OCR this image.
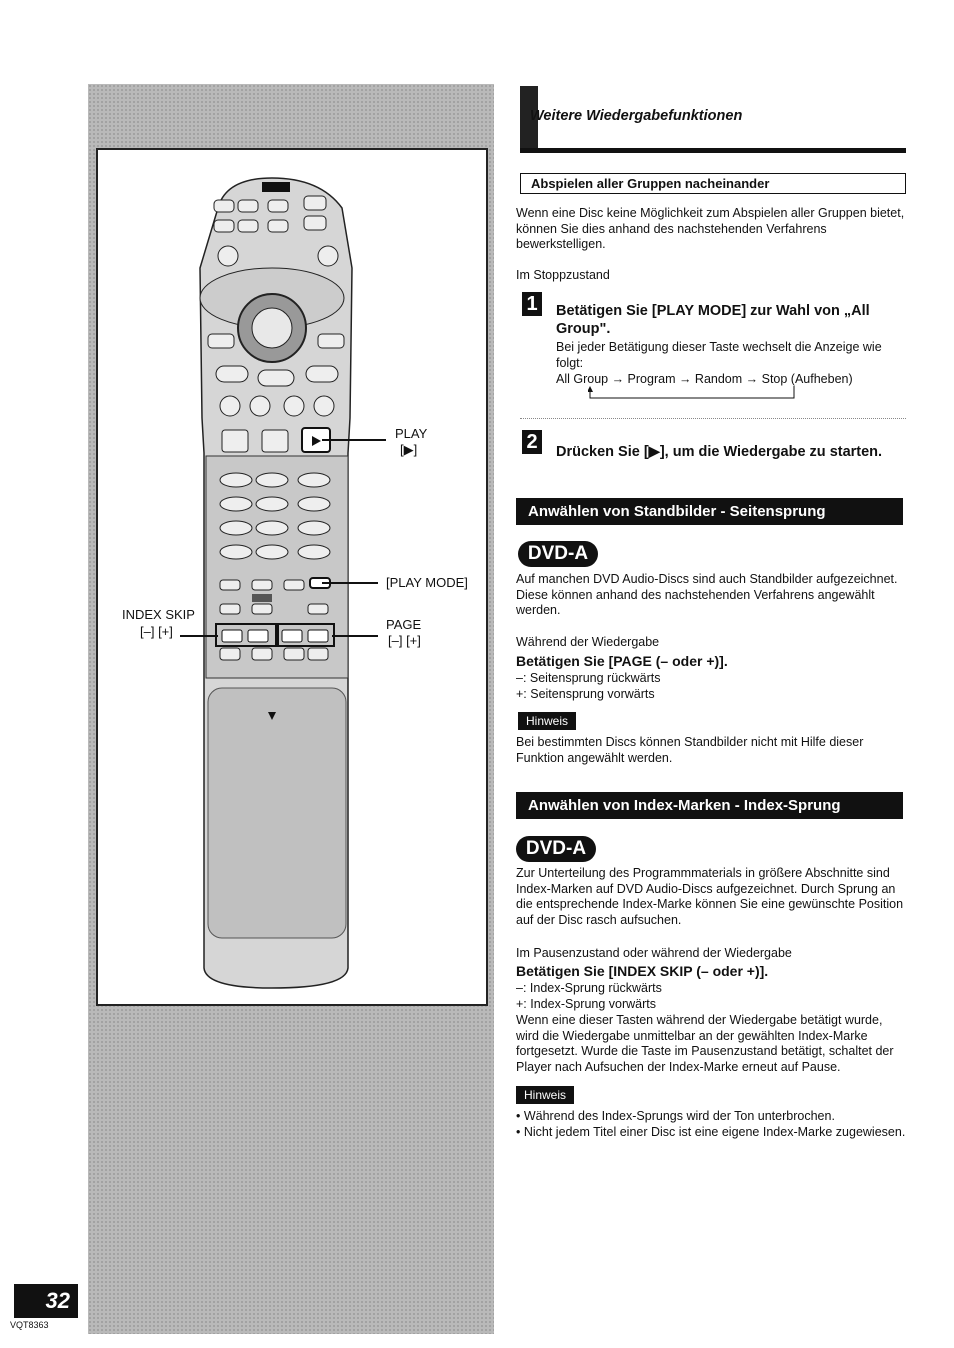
PLAY
[▶]
[PLAY MODE]
INDEX SKIP
[–] [+]	PAGE
[–] [+]
32
VQT8363
Weitere Wiedergabefunktionen
Abspielen aller Gruppen nacheinander
Wenn eine Disc keine Möglichkeit zum Abspielen aller Gruppen bietet, können Sie dies anhand des nachstehenden Verfahrens bewerkstelligen.
Im Stoppzustand
1	Betätigen Sie [PLAY MODE] zur Wahl von „All Group".
Bei jeder Betätigung dieser Taste wechselt die Anzeige wie folgt:
All Group → Program → Random → Stop (Aufheben)
2	Drücken Sie [▶], um die Wiedergabe zu starten.
Anwählen von Standbilder - Seitensprung
DVD-A
Auf manchen DVD Audio-Discs sind auch Standbilder aufgezeichnet. Diese können anhand des nachstehenden Verfahrens angewählt werden.
Während der Wiedergabe
Betätigen Sie [PAGE (– oder +)].
–: Seitensprung rückwärts
+: Seitensprung vorwärts
Hinweis
Bei bestimmten Discs können Standbilder nicht mit Hilfe dieser Funktion angewählt werden.
Anwählen von Index-Marken - Index-Sprung
DVD-A
Zur Unterteilung des Programmmaterials in größere Abschnitte sind Index-Marken auf DVD Audio-Discs aufgezeichnet. Durch Sprung an die entsprechende Index-Marke können Sie eine gewünschte Position auf der Disc rasch aufsuchen.
Im Pausenzustand oder während der Wiedergabe
Betätigen Sie [INDEX SKIP (– oder +)].
–: Index-Sprung rückwärts
+: Index-Sprung vorwärts
Wenn eine dieser Tasten während der Wiedergabe betätigt wurde, wird die Wiedergabe unmittelbar an der gewählten Index-Marke fortgesetzt. Wurde die Taste im Pausenzustand betätigt, schaltet der Player nach Aufsuchen der Index-Marke erneut auf Pause.
Hinweis
• Während des Index-Sprungs wird der Ton unterbrochen.
• Nicht jedem Titel einer Disc ist eine eigene Index-Marke zugewiesen.
